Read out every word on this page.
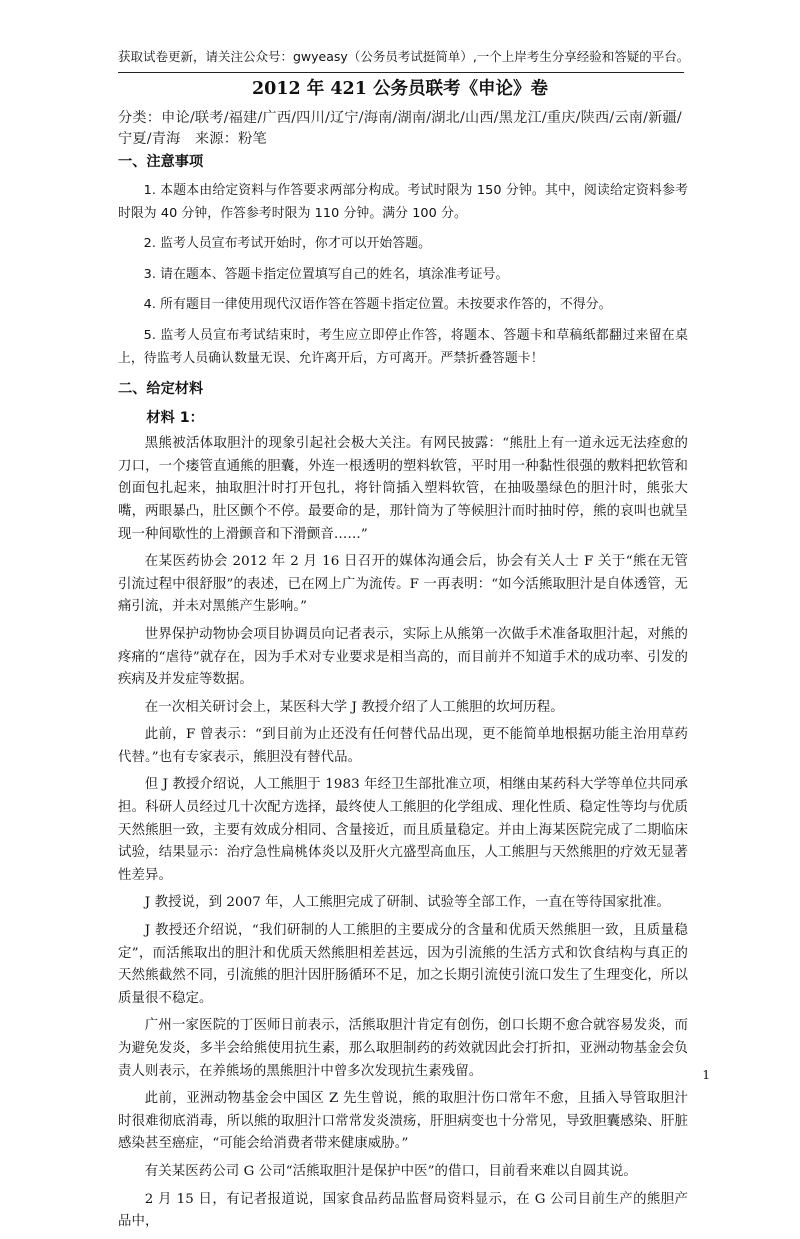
获取试卷更新，请关注公众号：gwyeasy（公务员考试挺简单）,一个上岸考生分享经验和答疑的平台。
2012 年 421 公务员联考《申论》卷
分类：申论/联考/福建/广西/四川/辽宁/海南/湖南/湖北/山西/黑龙江/重庆/陕西/云南/新疆/宁夏/青海　来源：粉笔
一、注意事项

1. 本题本由给定资料与作答要求两部分构成。考试时限为 150 分钟。其中，阅读给定资料参考时限为 40 分钟，作答参考时限为 110 分钟。满分 100 分。

2. 监考人员宣布考试开始时，你才可以开始答题。

3. 请在题本、答题卡指定位置填写自己的姓名，填涂准考证号。

4. 所有题目一律使用现代汉语作答在答题卡指定位置。未按要求作答的，不得分。

5. 监考人员宣布考试结束时，考生应立即停止作答，将题本、答题卡和草稿纸都翻过来留在桌上，待监考人员确认数量无误、允许离开后，方可离开。严禁折叠答题卡！

二、给定材料
材料 1：

黑熊被活体取胆汁的现象引起社会极大关注。有网民披露：“熊肚上有一道永远无法痊愈的刀口，一个瘘管直通熊的胆囊，外连一根透明的塑料软管，平时用一种黏性很强的敷料把软管和创面包扎起来，抽取胆汁时打开包扎，将针筒插入塑料软管，在抽吸墨绿色的胆汁时，熊张大嘴，两眼暴凸，肚区颤个不停。最要命的是，那针筒为了等候胆汁而时抽时停，熊的哀叫也就呈现一种间歇性的上滑颤音和下滑颤音……”

在某医药协会 2012 年 2 月 16 日召开的媒体沟通会后，协会有关人士 F 关于“熊在无管引流过程中很舒服”的表述，已在网上广为流传。F 一再表明：“如今活熊取胆汁是自体透管，无痛引流，并未对黑熊产生影响。”

世界保护动物协会项目协调员向记者表示，实际上从熊第一次做手术准备取胆汁起，对熊的疼痛的“虐待”就存在，因为手术对专业要求是相当高的，而目前并不知道手术的成功率、引发的疾病及并发症等数据。

在一次相关研讨会上，某医科大学 J 教授介绍了人工熊胆的坎坷历程。

此前，F 曾表示：“到目前为止还没有任何替代品出现，更不能简单地根据功能主治用草药代替。”也有专家表示，熊胆没有替代品。

但 J 教授介绍说，人工熊胆于 1983 年经卫生部批准立项，相继由某药科大学等单位共同承担。科研人员经过几十次配方选择，最终使人工熊胆的化学组成、理化性质、稳定性等均与优质天然熊胆一致，主要有效成分相同、含量接近，而且质量稳定。并由上海某医院完成了二期临床试验，结果显示：治疗急性扁桃体炎以及肝火亢盛型高血压，人工熊胆与天然熊胆的疗效无显著性差异。

J 教授说，到 2007 年，人工熊胆完成了研制、试验等全部工作，一直在等待国家批准。

J 教授还介绍说，“我们研制的人工熊胆的主要成分的含量和优质天然熊胆一致，且质量稳定”，而活熊取出的胆汁和优质天然熊胆相差甚远，因为引流熊的生活方式和饮食结构与真正的天然熊截然不同，引流熊的胆汁因肝肠循环不足，加之长期引流使引流口发生了生理变化，所以质量很不稳定。

广州一家医院的丁医师日前表示，活熊取胆汁肯定有创伤，创口长期不愈合就容易发炎，而为避免发炎，多半会给熊使用抗生素，那么取胆制药的药效就因此会打折扣，亚洲动物基金会负责人则表示，在养熊场的黑熊胆汁中曾多次发现抗生素残留。

此前，亚洲动物基金会中国区 Z 先生曾说，熊的取胆汁伤口常年不愈，且插入导管取胆汁时很难彻底消毒，所以熊的取胆汁口常常发炎溃疡，肝胆病变也十分常见，导致胆囊感染、肝脏感染甚至癌症，“可能会给消费者带来健康威胁。”

有关某医药公司 G 公司“活熊取胆汁是保护中医”的借口，目前看来难以自圆其说。

2 月 15 日，有记者报道说，国家食品药品监督局资料显示，在 G 公司目前生产的熊胆产品中，

1
